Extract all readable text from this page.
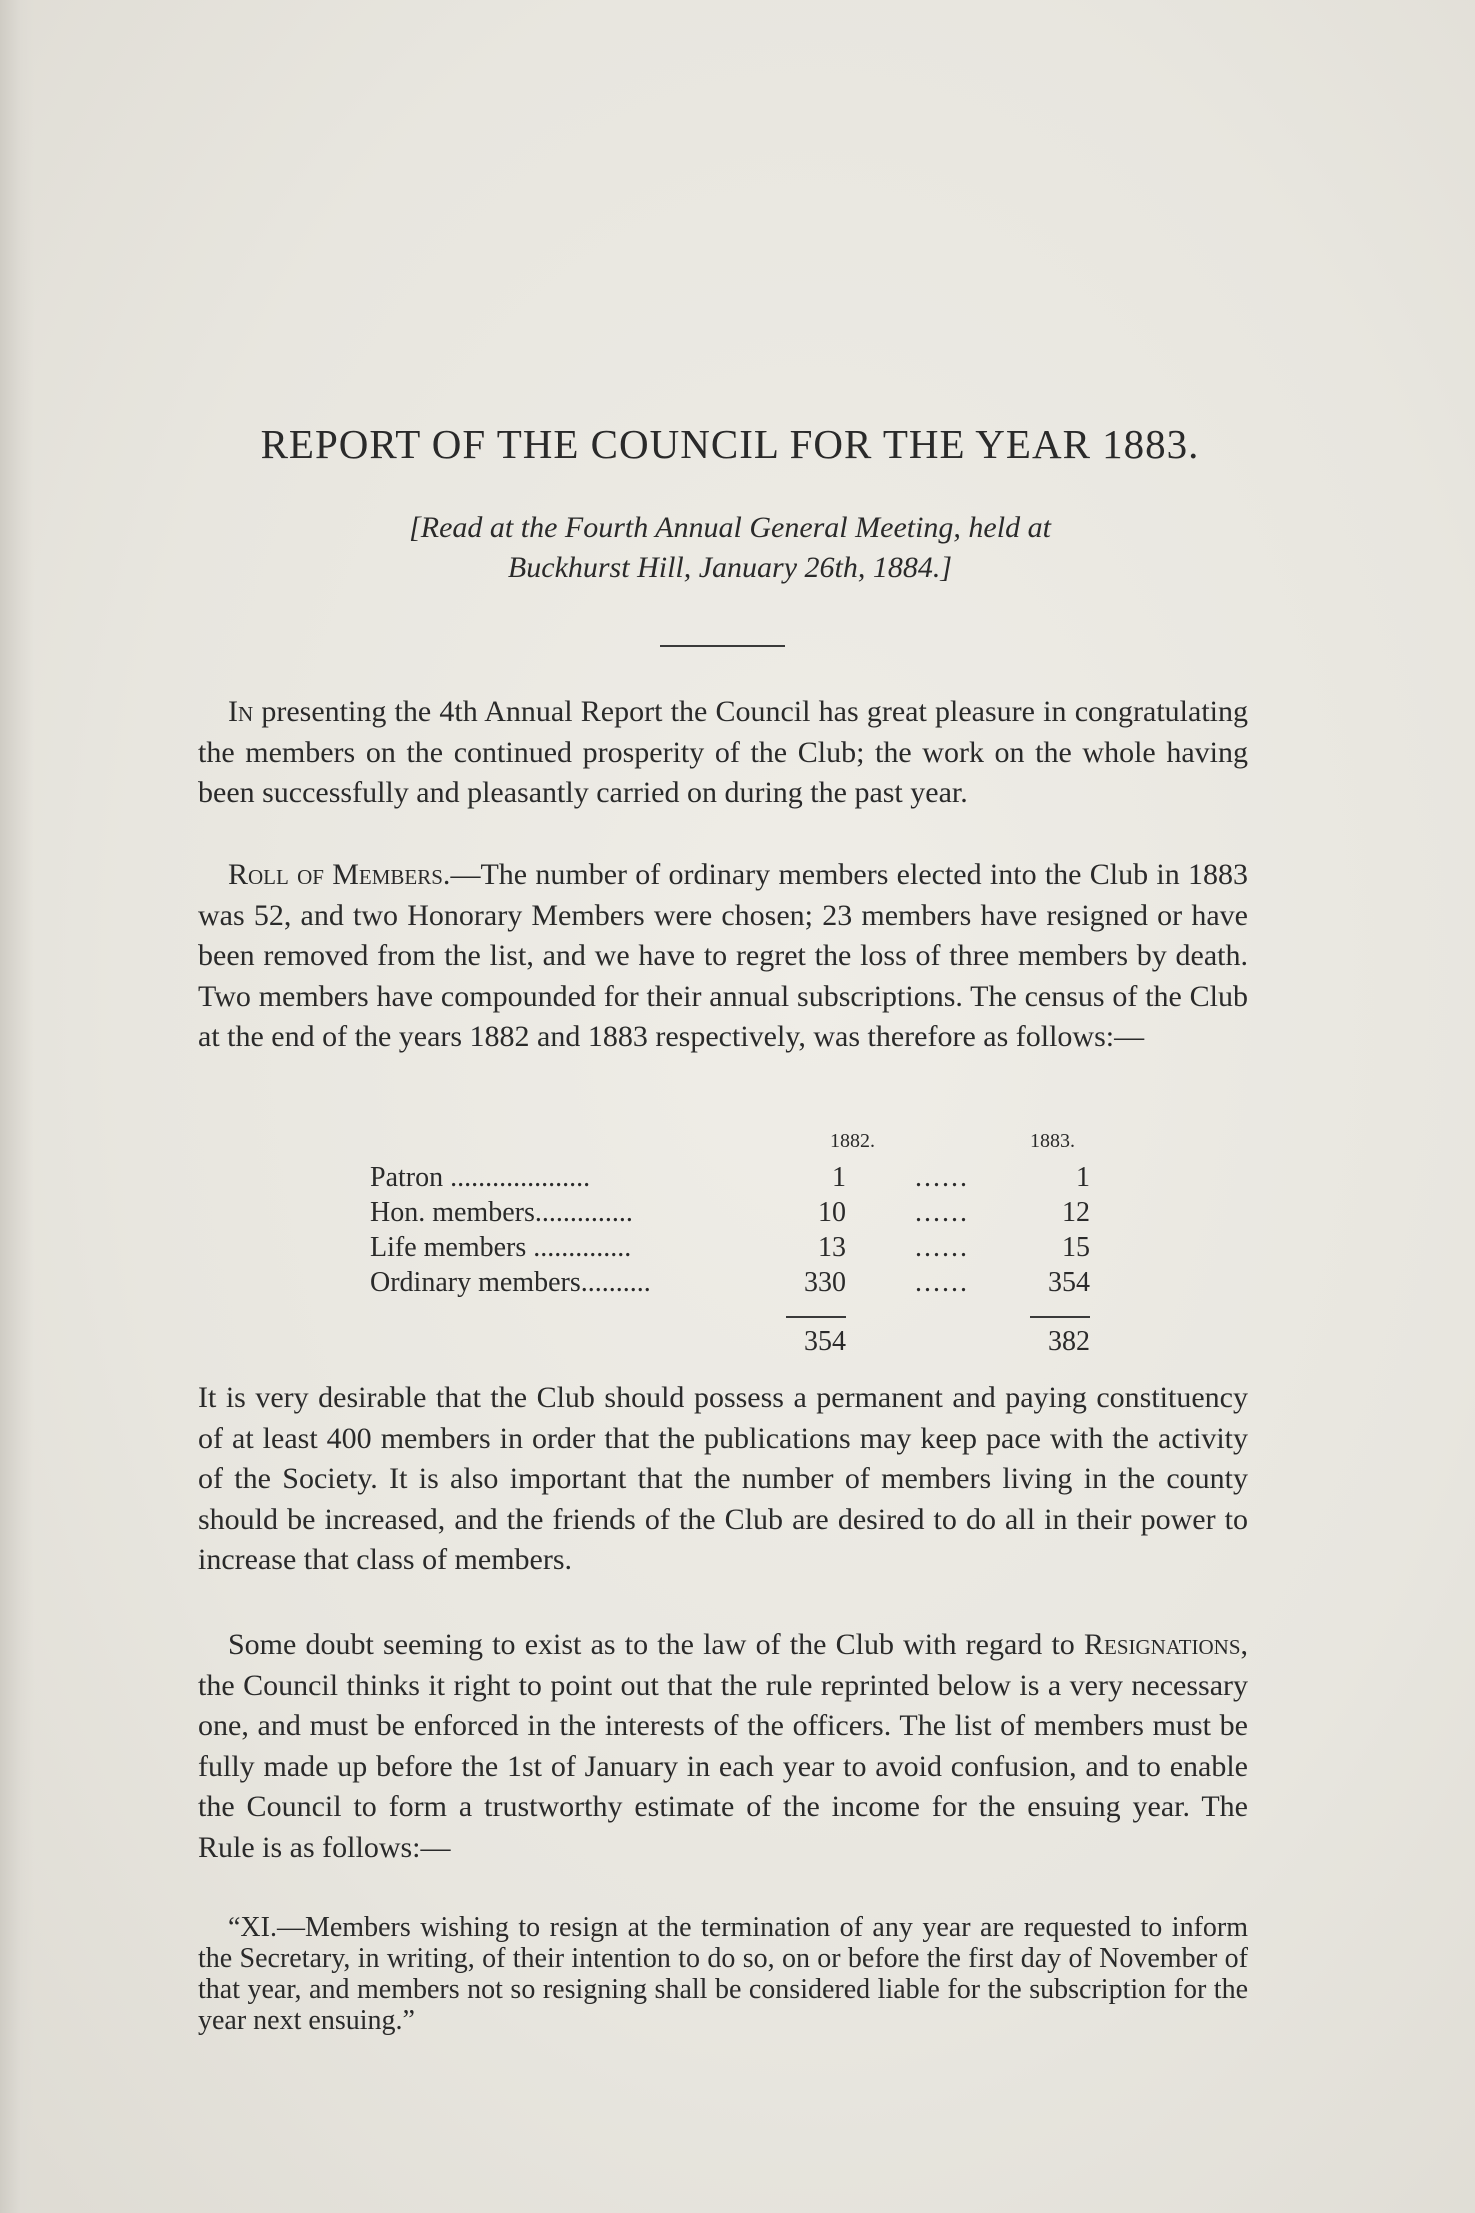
REPORT OF THE COUNCIL FOR THE YEAR 1883.
[Read at the Fourth Annual General Meeting, held at
Buckhurst Hill, January 26th, 1884.]

In presenting the 4th Annual Report the Council has great pleasure in congratulating the members on the continued prosperity of the Club; the work on the whole having been successfully and pleasantly carried on during the past year.

Roll of Members.—The number of ordinary members elected into the Club in 1883 was 52, and two Honorary Members were chosen; 23 members have resigned or have been removed from the list, and we have to regret the loss of three members by death. Two members have compounded for their annual subscriptions. The census of the Club at the end of the years 1882 and 1883 respectively, was therefore as follows:—

1882.	1883.
Patron ....................	1 ......	1
Hon. members..............	10 ......	12
Life members ..............	13 ......	15
Ordinary members..........	330 ......	354
354	382

It is very desirable that the Club should possess a permanent and paying constituency of at least 400 members in order that the publications may keep pace with the activity of the Society. It is also important that the number of members living in the county should be increased, and the friends of the Club are desired to do all in their power to increase that class of members.

Some doubt seeming to exist as to the law of the Club with regard to Resignations, the Council thinks it right to point out that the rule reprinted below is a very necessary one, and must be enforced in the interests of the officers. The list of members must be fully made up before the 1st of January in each year to avoid confusion, and to enable the Council to form a trustworthy estimate of the income for the ensuing year. The Rule is as follows:—

“XI.—Members wishing to resign at the termination of any year are requested to inform the Secretary, in writing, of their intention to do so, on or before the first day of November of that year, and members not so resigning shall be considered liable for the subscription for the year next ensuing.”
